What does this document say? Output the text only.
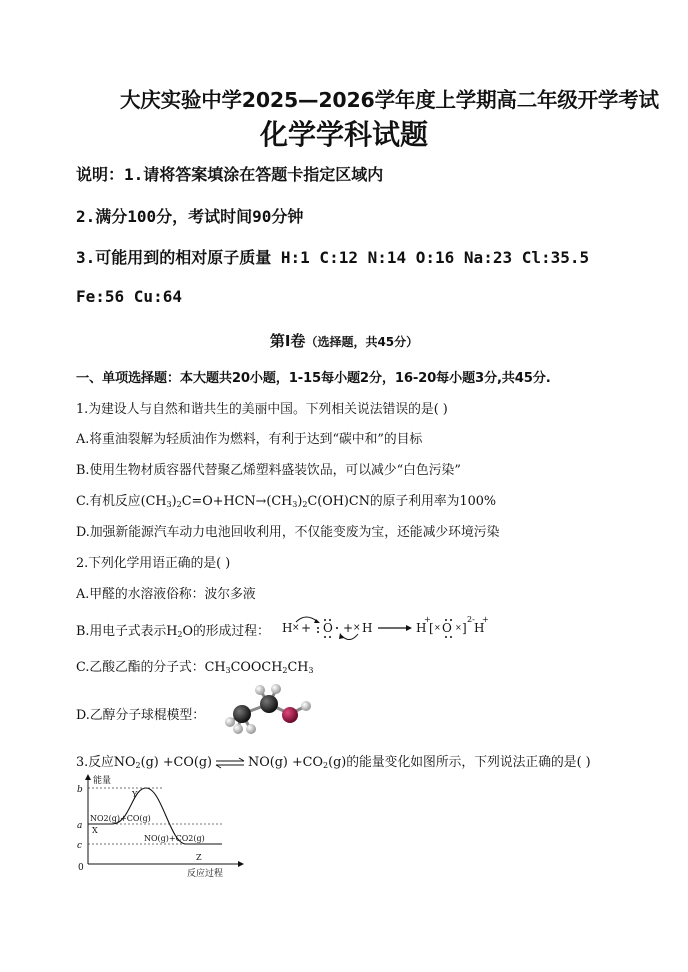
大庆实验中学2025—2026学年度上学期高二年级开学考试
化学学科试题
说明：1.请将答案填涂在答题卡指定区域内
2.满分100分，考试时间90分钟
3.可能用到的相对原子质量 H:1 C:12 N:14 O:16 Na:23 Cl:35.5
Fe:56 Cu:64
第Ⅰ卷（选择题，共45分）
一、单项选择题：本大题共20小题，1-15每小题2分，16-20每小题3分,共45分.
1.为建设人与自然和谐共生的美丽中国。下列相关说法错误的是( )
A.将重油裂解为轻质油作为燃料，有利于达到“碳中和”的目标
B.使用生物材质容器代替聚乙烯塑料盛装饮品，可以减少“白色污染”
C.有机反应$(CH_3)_2C=O+HCN\to(CH_3)_2C(OH)CN$的原子利用率为100%
D.加强新能源汽车动力电池回收利用，不仅能变废为宝，还能减少环境污染
2.下列化学用语正确的是( )
A.甲醛的水溶液俗称：波尔多液
B.用电子式表示$H_2O$的形成过程： H × + O + × H	H
+
[ × O × ]
2-
H
+
C.乙酸乙酯的分子式：$CH_3COOCH_2CH_3$
D.乙醇分子球棍模型：
3.反应$NO_2(g) +CO(g)$ ⇌ $NO(g) +CO_2(g)$的能量变化如图所示，下列说法正确的是( )
b
a
c
0
能量
反应过程
Y
X
Z
NO2(g)+CO(g)
NO(g)+CO2(g)
